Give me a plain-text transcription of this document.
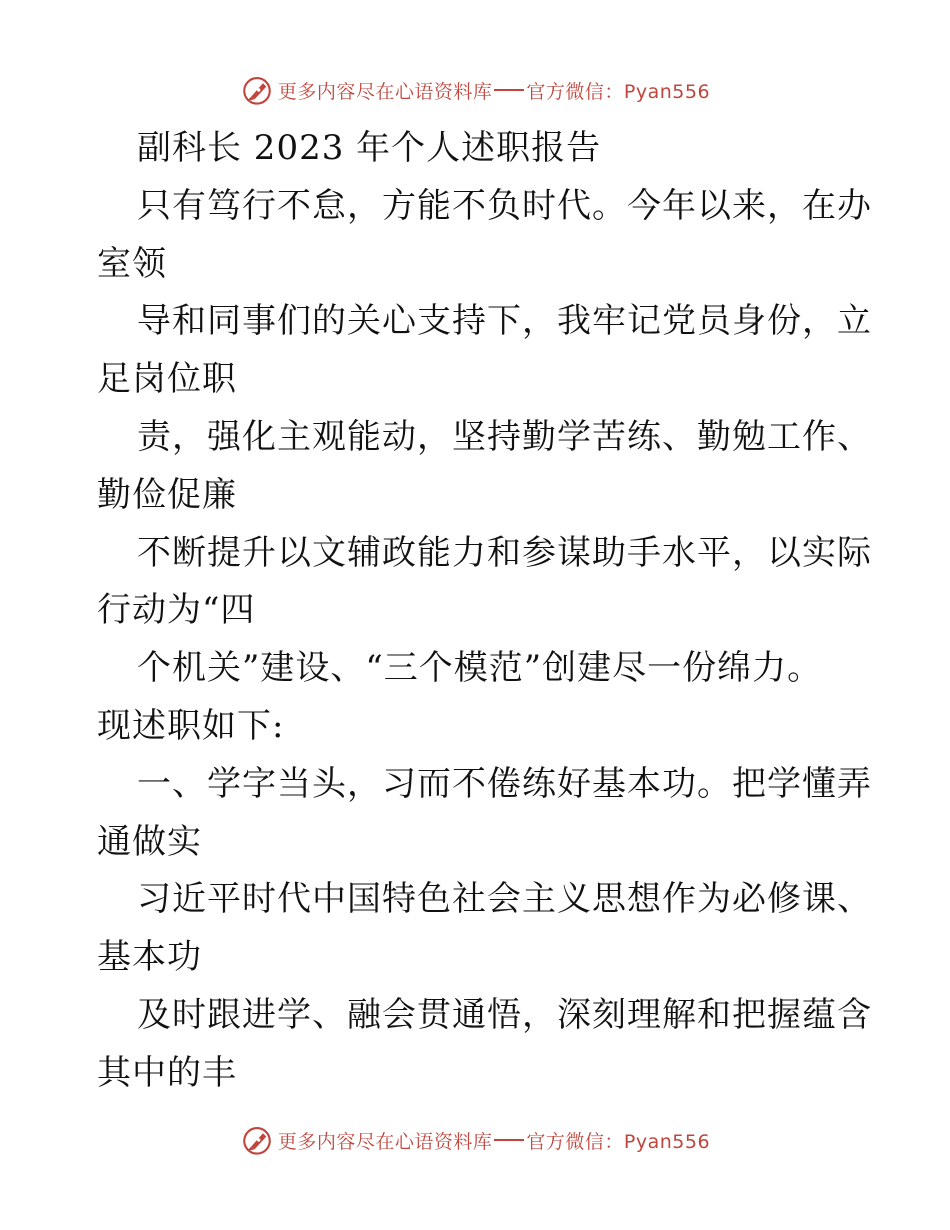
更多内容尽在心语资料库 官方微信：Pyan556
副科长 2023 年个人述职报告
只有笃行不怠，方能不负时代。今年以来，在办
室领
导和同事们的关心支持下，我牢记党员身份，立
足岗位职
责，强化主观能动，坚持勤学苦练、勤勉工作、
勤俭促廉
不断提升以文辅政能力和参谋助手水平，以实际
行动为“四
个机关”建设、“三个模范”创建尽一份绵力。
现述职如下:
一、学字当头，习而不倦练好基本功。把学懂弄
通做实
习近平时代中国特色社会主义思想作为必修课、
基本功
及时跟进学、融会贯通悟，深刻理解和把握蕴含
其中的丰
更多内容尽在心语资料库 官方微信：Pyan556
